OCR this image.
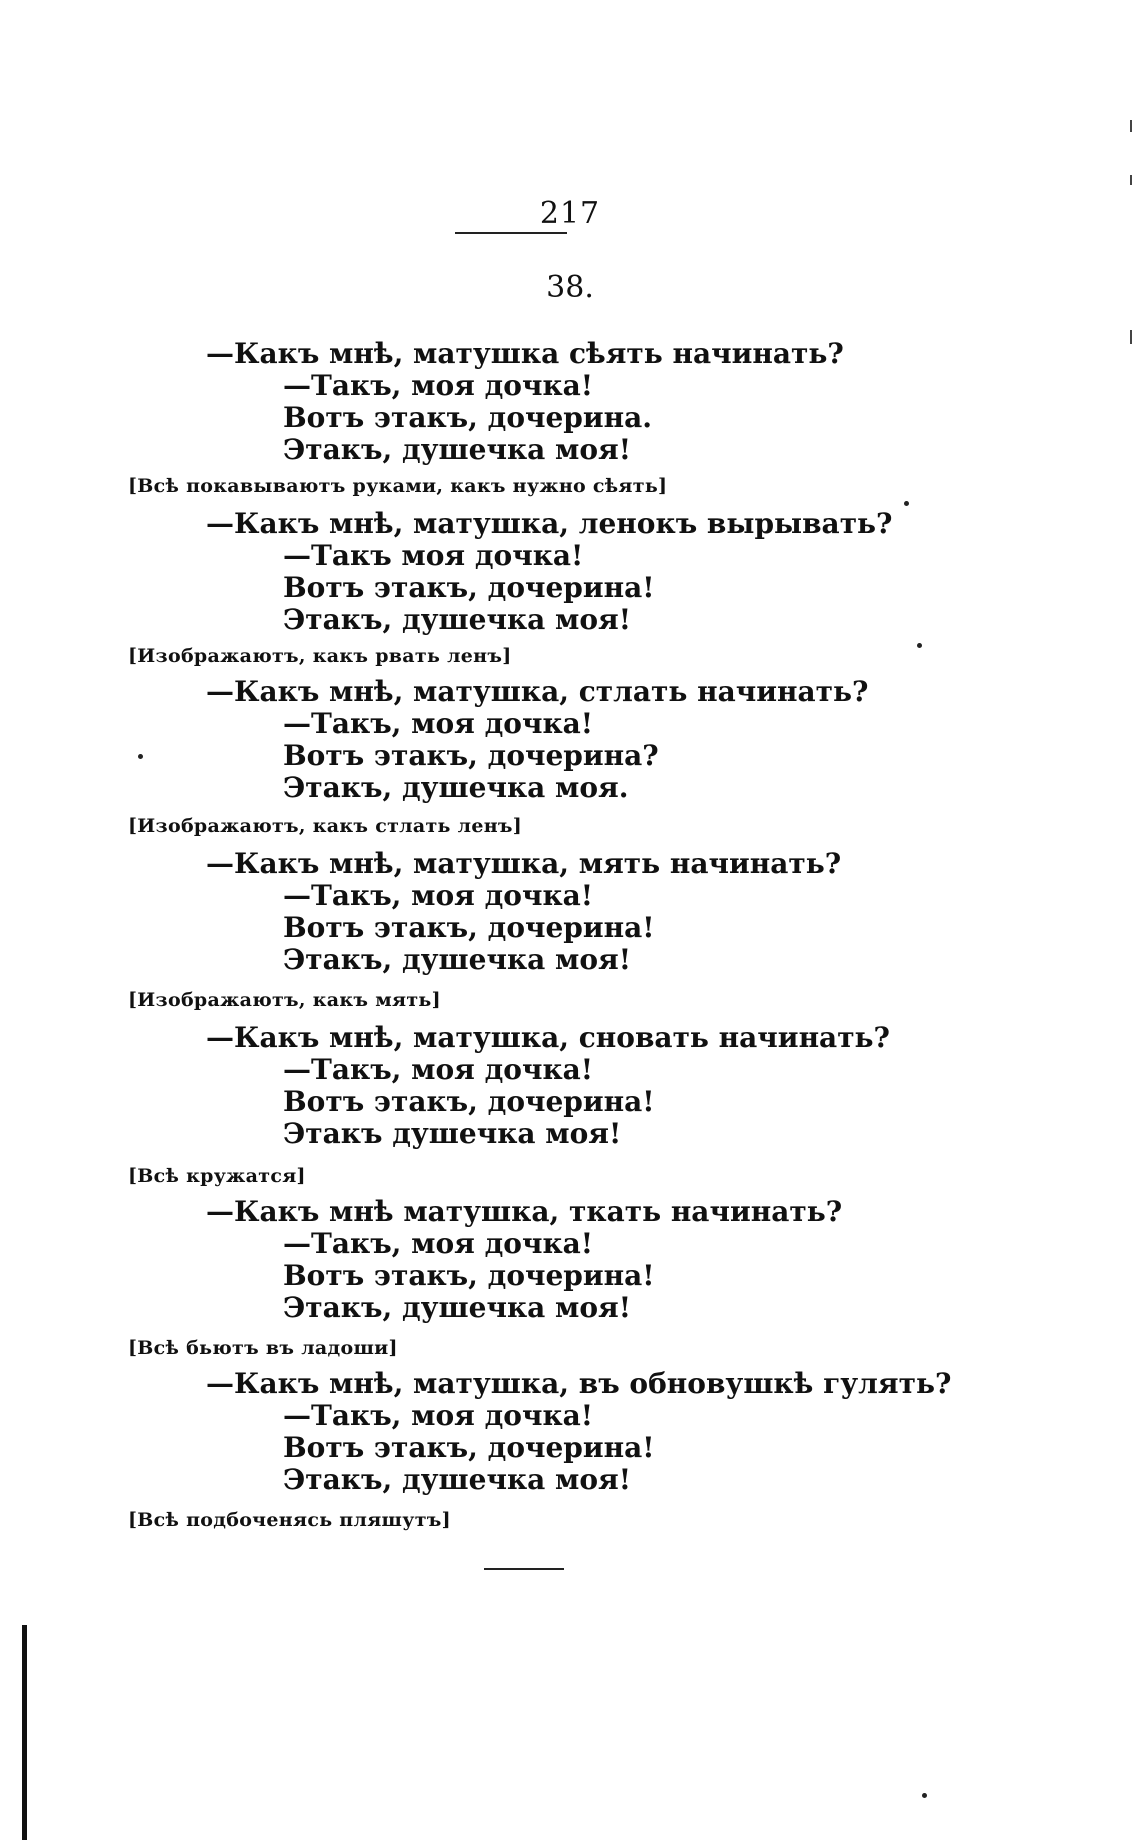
217
38.
—Какъ мнѣ, матушка сѣять начинать?
—Такъ, моя дочка!
Вотъ этакъ, дочерина.
Этакъ, душечка моя!
[Всѣ покавываютъ руками, какъ нужно сѣять]
—Какъ мнѣ, матушка, ленокъ вырывать?
—Такъ моя дочка!
Вотъ этакъ, дочерина!
Этакъ, душечка моя!
[Изображаютъ, какъ рвать ленъ]
—Какъ мнѣ, матушка, стлать начинать?
—Такъ, моя дочка!
Вотъ этакъ, дочерина?
Этакъ, душечка моя.
[Изображаютъ, какъ стлать ленъ]
—Какъ мнѣ, матушка, мять начинать?
—Такъ, моя дочка!
Вотъ этакъ, дочерина!
Этакъ, душечка моя!
[Изображаютъ, какъ мять]
—Какъ мнѣ, матушка, сновать начинать?
—Такъ, моя дочка!
Вотъ этакъ, дочерина!
Этакъ душечка моя!
[Всѣ кружатся]
—Какъ мнѣ матушка, ткать начинать?
—Такъ, моя дочка!
Вотъ этакъ, дочерина!
Этакъ, душечка моя!
[Всѣ бьютъ въ ладоши]
—Какъ мнѣ, матушка, въ обновушкѣ гулять?
—Такъ, моя дочка!
Вотъ этакъ, дочерина!
Этакъ, душечка моя!
[Всѣ подбоченясь пляшутъ]
